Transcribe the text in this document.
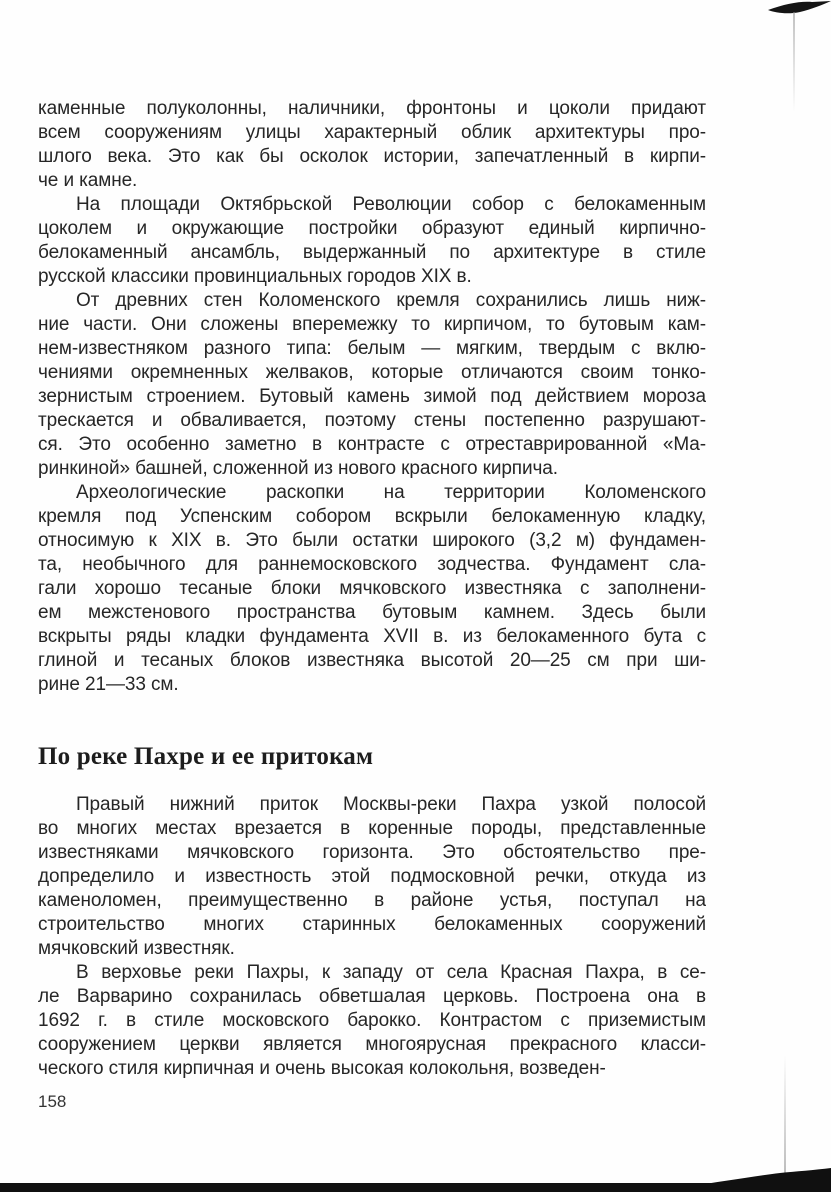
каменные полуколонны, наличники, фронтоны и цоколи придают
всем сооружениям улицы характерный облик архитектуры про-
шлого века. Это как бы осколок истории, запечатленный в кирпи-
че и камне.
На площади Октябрьской Революции собор с белокаменным
цоколем и окружающие постройки образуют единый кирпично-
белокаменный ансамбль, выдержанный по архитектуре в стиле
русской классики провинциальных городов XIX в.
От древних стен Коломенского кремля сохранились лишь ниж-
ние части. Они сложены вперемежку то кирпичом, то бутовым кам-
нем-известняком разного типа: белым — мягким, твердым с вклю-
чениями окремненных желваков, которые отличаются своим тонко-
зернистым строением. Бутовый камень зимой под действием мороза
трескается и обваливается, поэтому стены постепенно разрушают-
ся. Это особенно заметно в контрасте с отреставрированной «Ма-
ринкиной» башней, сложенной из нового красного кирпича.
Археологические раскопки на территории Коломенского
кремля под Успенским собором вскрыли белокаменную кладку,
относимую к XIX в. Это были остатки широкого (3,2 м) фундамен-
та, необычного для раннемосковского зодчества. Фундамент сла-
гали хорошо тесаные блоки мячковского известняка с заполнени-
ем межстенового пространства бутовым камнем. Здесь были
вскрыты ряды кладки фундамента XVII в. из белокаменного бута с
глиной и тесаных блоков известняка высотой 20—25 см при ши-
рине 21—33 см.
По реке Пахре и ее притокам
Правый нижний приток Москвы-реки Пахра узкой полосой
во многих местах врезается в коренные породы, представленные
известняками мячковского горизонта. Это обстоятельство пре-
допределило и известность этой подмосковной речки, откуда из
каменоломен, преимущественно в районе устья, поступал на
строительство многих старинных белокаменных сооружений
мячковский известняк.
В верховье реки Пахры, к западу от села Красная Пахра, в се-
ле Варварино сохранилась обветшалая церковь. Построена она в
1692 г. в стиле московского барокко. Контрастом с приземистым
сооружением церкви является многоярусная прекрасного класси-
ческого стиля кирпичная и очень высокая колокольня, возведен-
158
